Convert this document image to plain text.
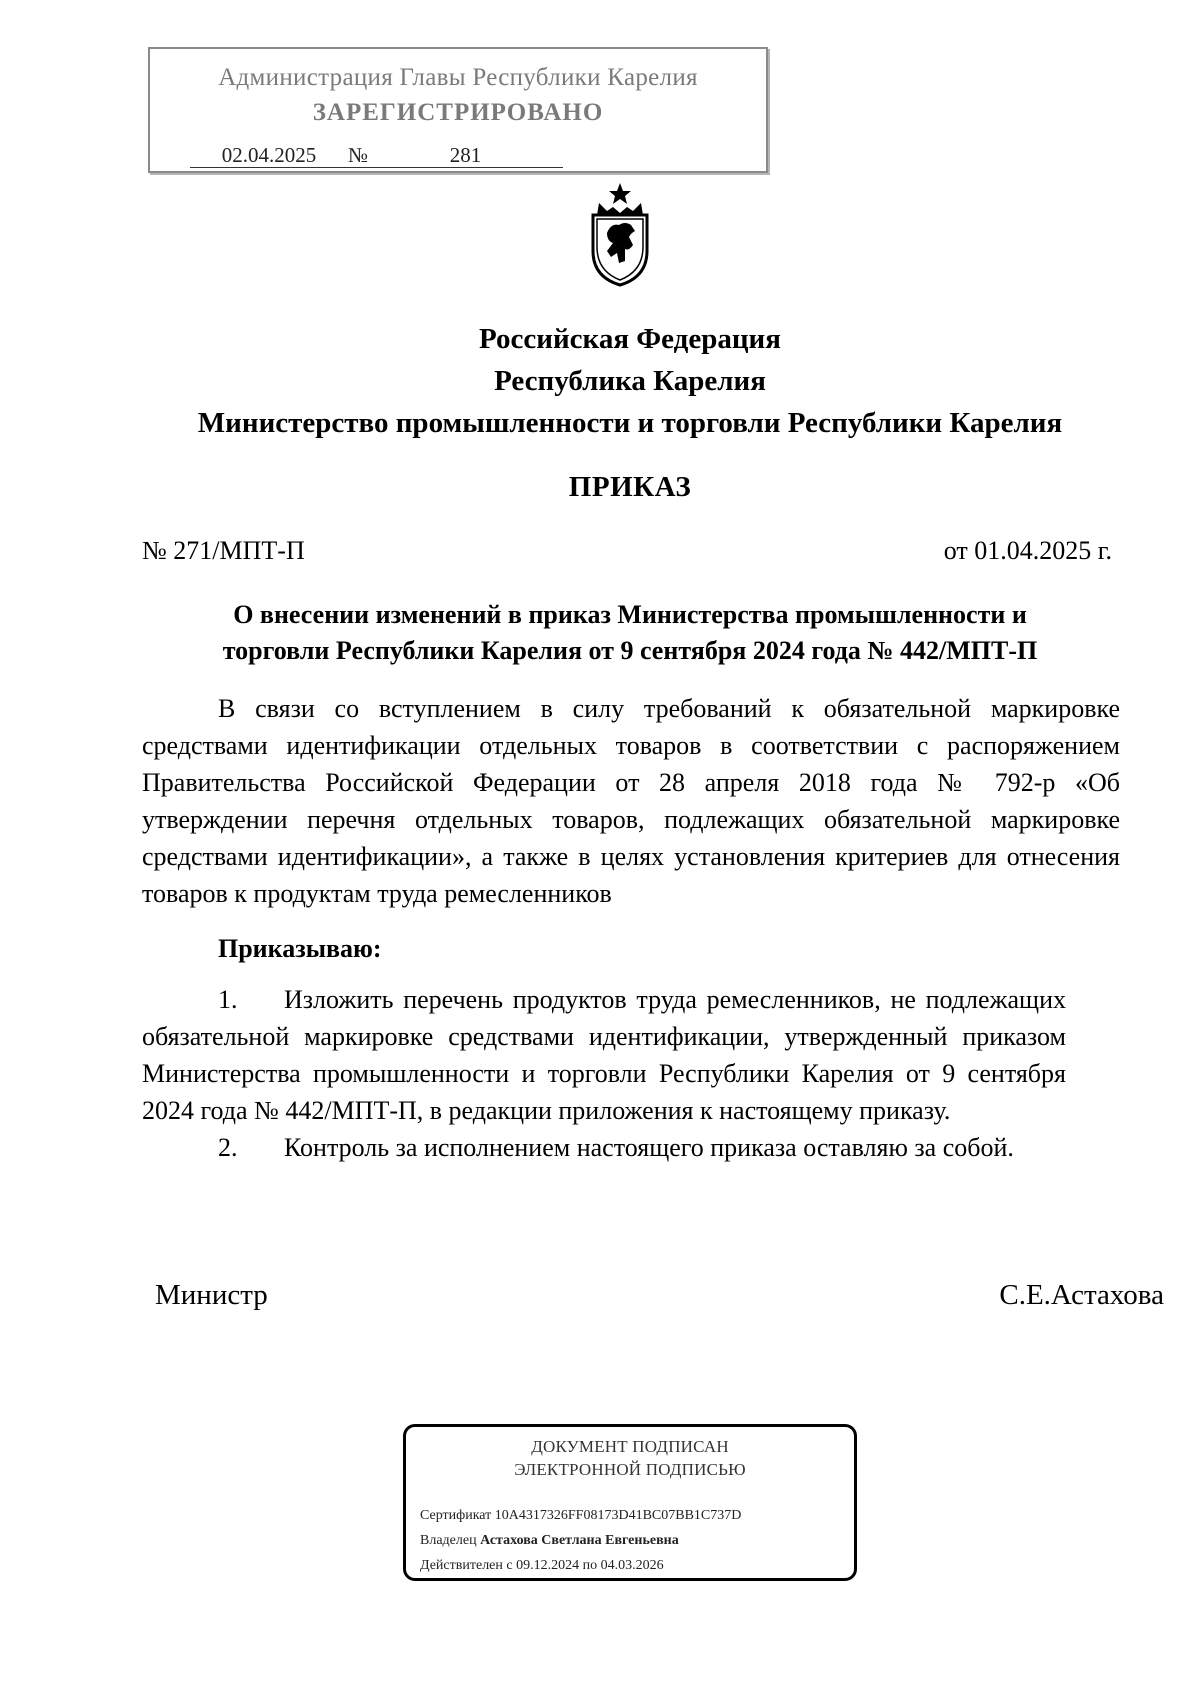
Администрация Главы Республики Карелия
ЗАРЕГИСТРИРОВАНО
02.04.2025 №	281
Российская Федерация
Республика Карелия
Министерство промышленности и торговли Республики Карелия
ПРИКАЗ
№ 271/МПТ-П	от 01.04.2025 г.
О внесении изменений в приказ Министерства промышленности и
торговли Республики Карелия от 9 сентября 2024 года № 442/МПТ-П

В связи со вступлением в силу требований к обязательной маркировке средствами идентификации отдельных товаров в соответствии с распоряжением Правительства Российской Федерации от 28 апреля 2018 года № 792-р «Об утверждении перечня отдельных товаров, подлежащих обязательной маркировке средствами идентификации», а также в целях установления критериев для отнесения товаров к продуктам труда ремесленников

Приказываю:

1. Изложить перечень продуктов труда ремесленников, не подлежащих обязательной маркировке средствами идентификации, утвержденный приказом Министерства промышленности и торговли Республики Карелия от 9 сентября 2024 года № 442/МПТ-П, в редакции приложения к настоящему приказу.

2. Контроль за исполнением настоящего приказа оставляю за собой.

Министр	С.Е.Астахова
ДОКУМЕНТ ПОДПИСАН
ЭЛЕКТРОННОЙ ПОДПИСЬЮ
Сертификат 10A4317326FF08173D41BC07BB1C737D
Владелец Астахова Светлана Евгеньевна
Действителен с 09.12.2024 по 04.03.2026
